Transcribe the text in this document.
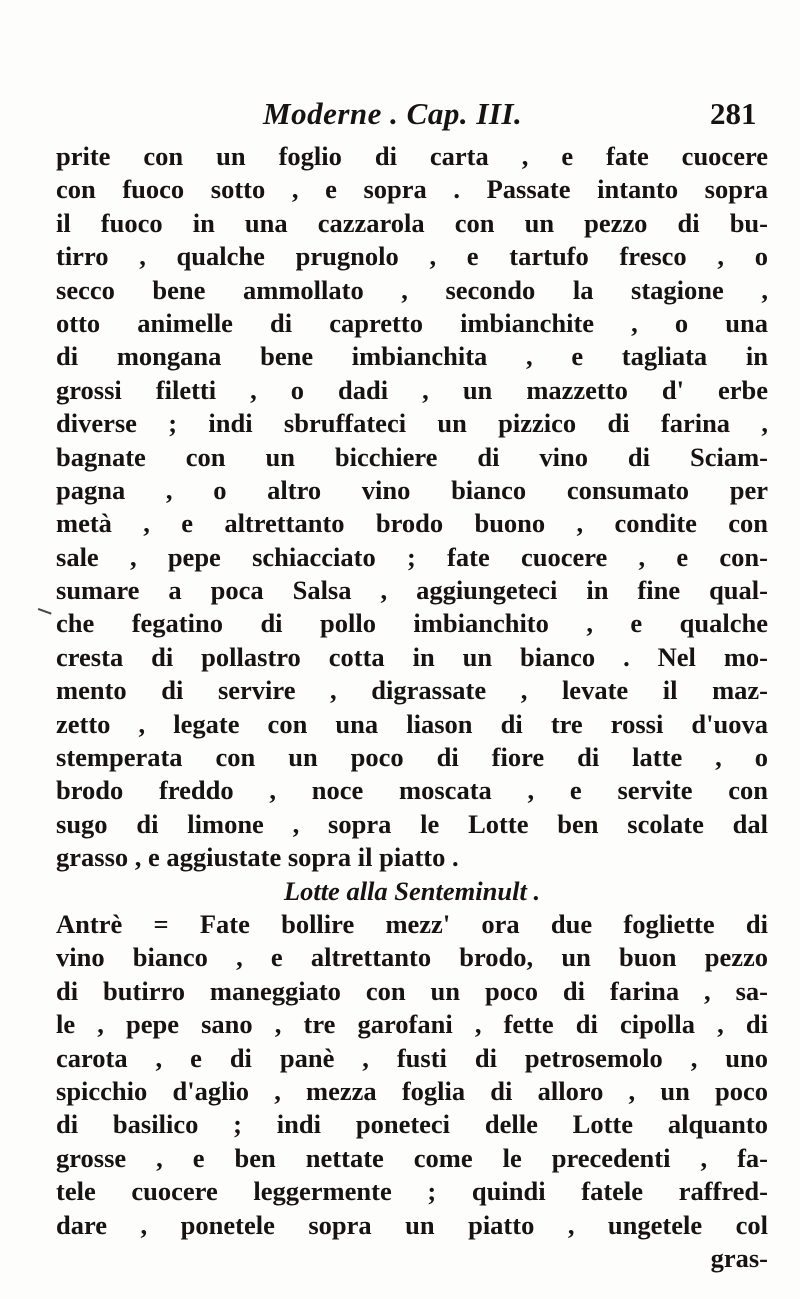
Moderne . Cap. III.	281
prite con un foglio di carta , e fate cuocere
con fuoco sotto , e sopra . Passate intanto sopra
il fuoco in una cazzarola con un pezzo di bu-
tirro , qualche prugnolo , e tartufo fresco , o
secco bene ammollato , secondo la stagione ,
otto animelle di capretto imbianchite , o una
di mongana bene imbianchita , e tagliata in
grossi filetti , o dadi , un mazzetto d' erbe
diverse ; indi sbruffateci un pizzico di farina ,
bagnate con un bicchiere di vino di Sciam-
pagna , o altro vino bianco consumato per
metà , e altrettanto brodo buono , condite con
sale , pepe schiacciato ; fate cuocere , e con-
sumare a poca Salsa , aggiungeteci in fine qual-
che fegatino di pollo imbianchito , e qualche
cresta di pollastro cotta in un bianco . Nel mo-
mento di servire , digrassate , levate il maz-
zetto , legate con una liason di tre rossi d'uova
stemperata con un poco di fiore di latte , o
brodo freddo , noce moscata , e servite con
sugo di limone , sopra le Lotte ben scolate dal
grasso , e aggiustate sopra il piatto .
Lotte alla Senteminult .
Antrè = Fate bollire mezz' ora due fogliette di
vino bianco , e altrettanto brodo, un buon pezzo
di butirro maneggiato con un poco di farina , sa-
le , pepe sano , tre garofani , fette di cipolla , di
carota , e di panè , fusti di petrosemolo , uno
spicchio d'aglio , mezza foglia di alloro , un poco
di basilico ; indi poneteci delle Lotte alquanto
grosse , e ben nettate come le precedenti , fa-
tele cuocere leggermente ; quindi fatele raffred-
dare , ponetele sopra un piatto , ungetele col
gras-
